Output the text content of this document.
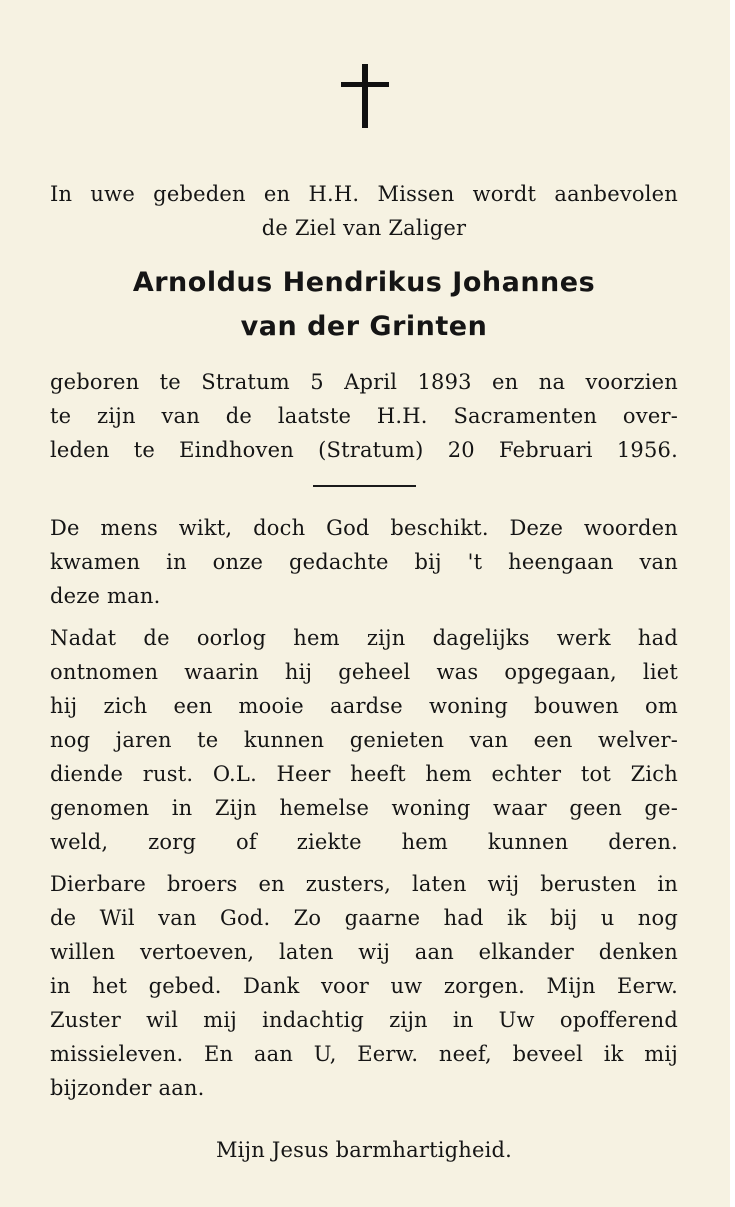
In uwe gebeden en H.H. Missen wordt aanbevolen

de Ziel van Zaliger

Arnoldus Hendrikus Johannes
van der Grinten

geboren te Stratum 5 April 1893 en na voorzien

te zijn van de laatste H.H. Sacramenten over-

leden te Eindhoven (Stratum) 20 Februari 1956.

De mens wikt, doch God beschikt. Deze woorden

kwamen in onze gedachte bij 't heengaan van

deze man.

Nadat de oorlog hem zijn dagelijks werk had

ontnomen waarin hij geheel was opgegaan, liet

hij zich een mooie aardse woning bouwen om

nog jaren te kunnen genieten van een welver-

diende rust. O.L. Heer heeft hem echter tot Zich

genomen in Zijn hemelse woning waar geen ge-

weld, zorg of ziekte hem kunnen deren.

Dierbare broers en zusters, laten wij berusten in

de Wil van God. Zo gaarne had ik bij u nog

willen vertoeven, laten wij aan elkander denken

in het gebed. Dank voor uw zorgen. Mijn Eerw.

Zuster wil mij indachtig zijn in Uw opofferend

missieleven. En aan U, Eerw. neef, beveel ik mij

bijzonder aan.

Mijn Jesus barmhartigheid.
